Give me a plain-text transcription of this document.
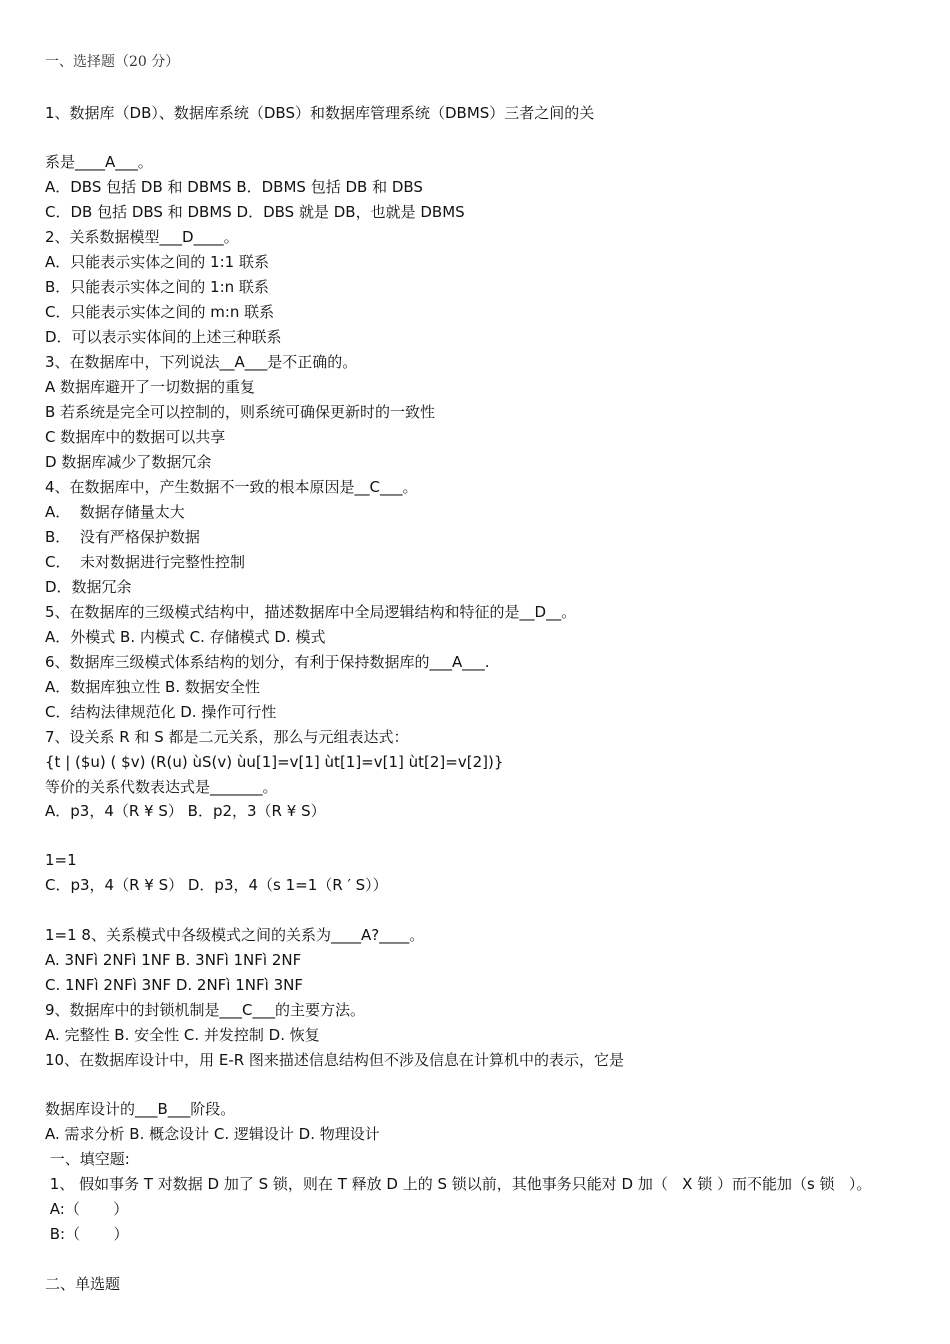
一、选择题（20 分）
1、数据库（DB）、数据库系统（DBS）和数据库管理系统（DBMS）三者之间的关
系是____A___。
A．DBS 包括 DB 和 DBMS B．DBMS 包括 DB 和 DBS
C．DB 包括 DBS 和 DBMS D．DBS 就是 DB，也就是 DBMS
2、关系数据模型___D____。
A．只能表示实体之间的 1:1 联系
B．只能表示实体之间的 1:n 联系
C．只能表示实体之间的 m:n 联系
D．可以表示实体间的上述三种联系
3、在数据库中，下列说法__A___是不正确的。
A 数据库避开了一切数据的重复
B 若系统是完全可以控制的，则系统可确保更新时的一致性
C 数据库中的数据可以共享
D 数据库减少了数据冗余
4、在数据库中，产生数据不一致的根本原因是__C___。
A．  数据存储量太大
B．  没有严格保护数据
C．  未对数据进行完整性控制
D．数据冗余
5、在数据库的三级模式结构中，描述数据库中全局逻辑结构和特征的是__D__。
A．外模式 B. 内模式 C. 存储模式 D. 模式
6、数据库三级模式体系结构的划分，有利于保持数据库的___A___.
A．数据库独立性 B. 数据安全性
C．结构法律规范化 D. 操作可行性
7、设关系 R 和 S 都是二元关系，那么与元组表达式：
{t | ($u) ( $v) (R(u) ùS(v) ùu[1]=v[1] ùt[1]=v[1] ùt[2]=v[2])}
等价的关系代数表达式是_______。
A．p3，4（R ¥ S） B．p2，3（R ¥ S）
1=1
C．p3，4（R ¥ S） D．p3，4（s 1=1（R ′ S））
1=1 8、关系模式中各级模式之间的关系为____A?____。
A. 3NFì 2NFì 1NF B. 3NFì 1NFì 2NF
C. 1NFì 2NFì 3NF D. 2NFì 1NFì 3NF
9、数据库中的封锁机制是___C___的主要方法。
A. 完整性 B. 安全性 C. 并发控制 D. 恢复
10、在数据库设计中，用 E-R 图来描述信息结构但不涉及信息在计算机中的表示，它是
数据库设计的___B___阶段。
A. 需求分析 B. 概念设计 C. 逻辑设计 D. 物理设计
一、填空题:
1、 假如事务 T 对数据 D 加了 S 锁，则在 T 释放 D 上的 S 锁以前，其他事务只能对 D 加（   X 锁 ）而不能加（s 锁   ）。
A:（       ）
B:（       ）
二、单选题
